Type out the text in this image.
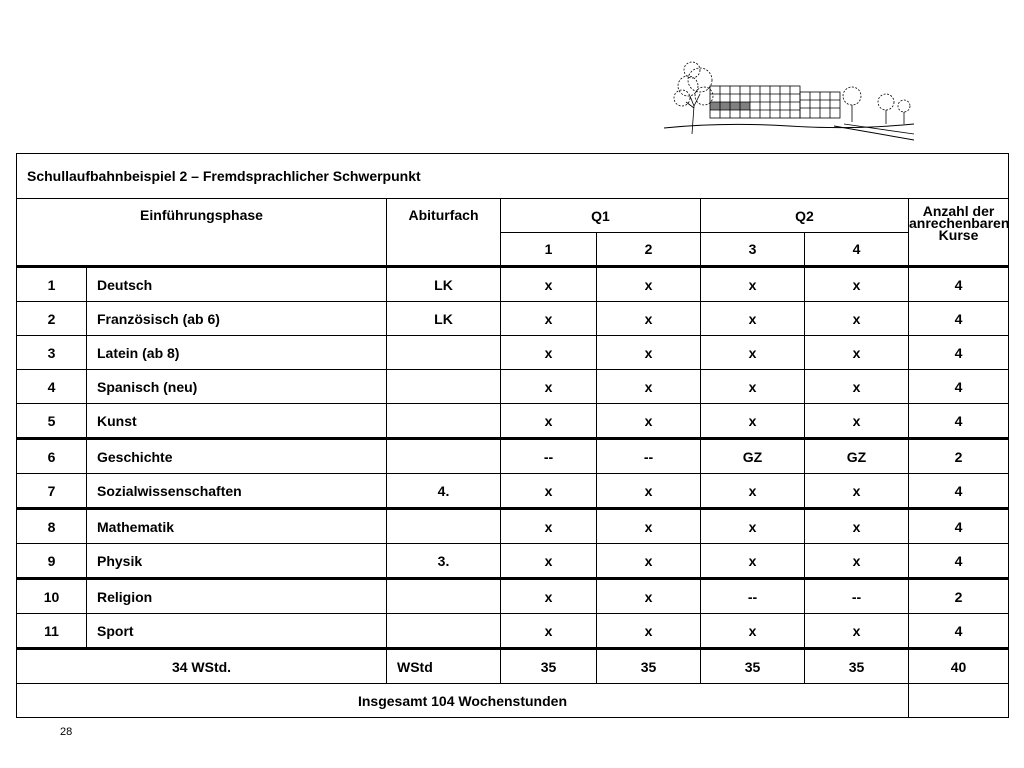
Schullaufbahnbeispiel 2 – Fremdsprachlicher Schwerpunkt							
Einführungsphase		Abiturfach	Q1		Q2		Anzahl der anrechenbaren Kurse
			1	2	3	4	
1	Deutsch	LK	x	x	x	x	4
2	Französisch (ab 6)	LK	x	x	x	x	4
3	Latein (ab 8)		x	x	x	x	4
4	Spanisch (neu)		x	x	x	x	4
5	Kunst		x	x	x	x	4
6	Geschichte		--	--	GZ	GZ	2
7	Sozialwissenschaften	4.	x	x	x	x	4
8	Mathematik		x	x	x	x	4
9	Physik	3.	x	x	x	x	4
10	Religion		x	x	--	--	2
11	Sport		x	x	x	x	4
34 WStd.		WStd	35	35	35	35	40
Insgesamt 104 Wochenstunden							
28
